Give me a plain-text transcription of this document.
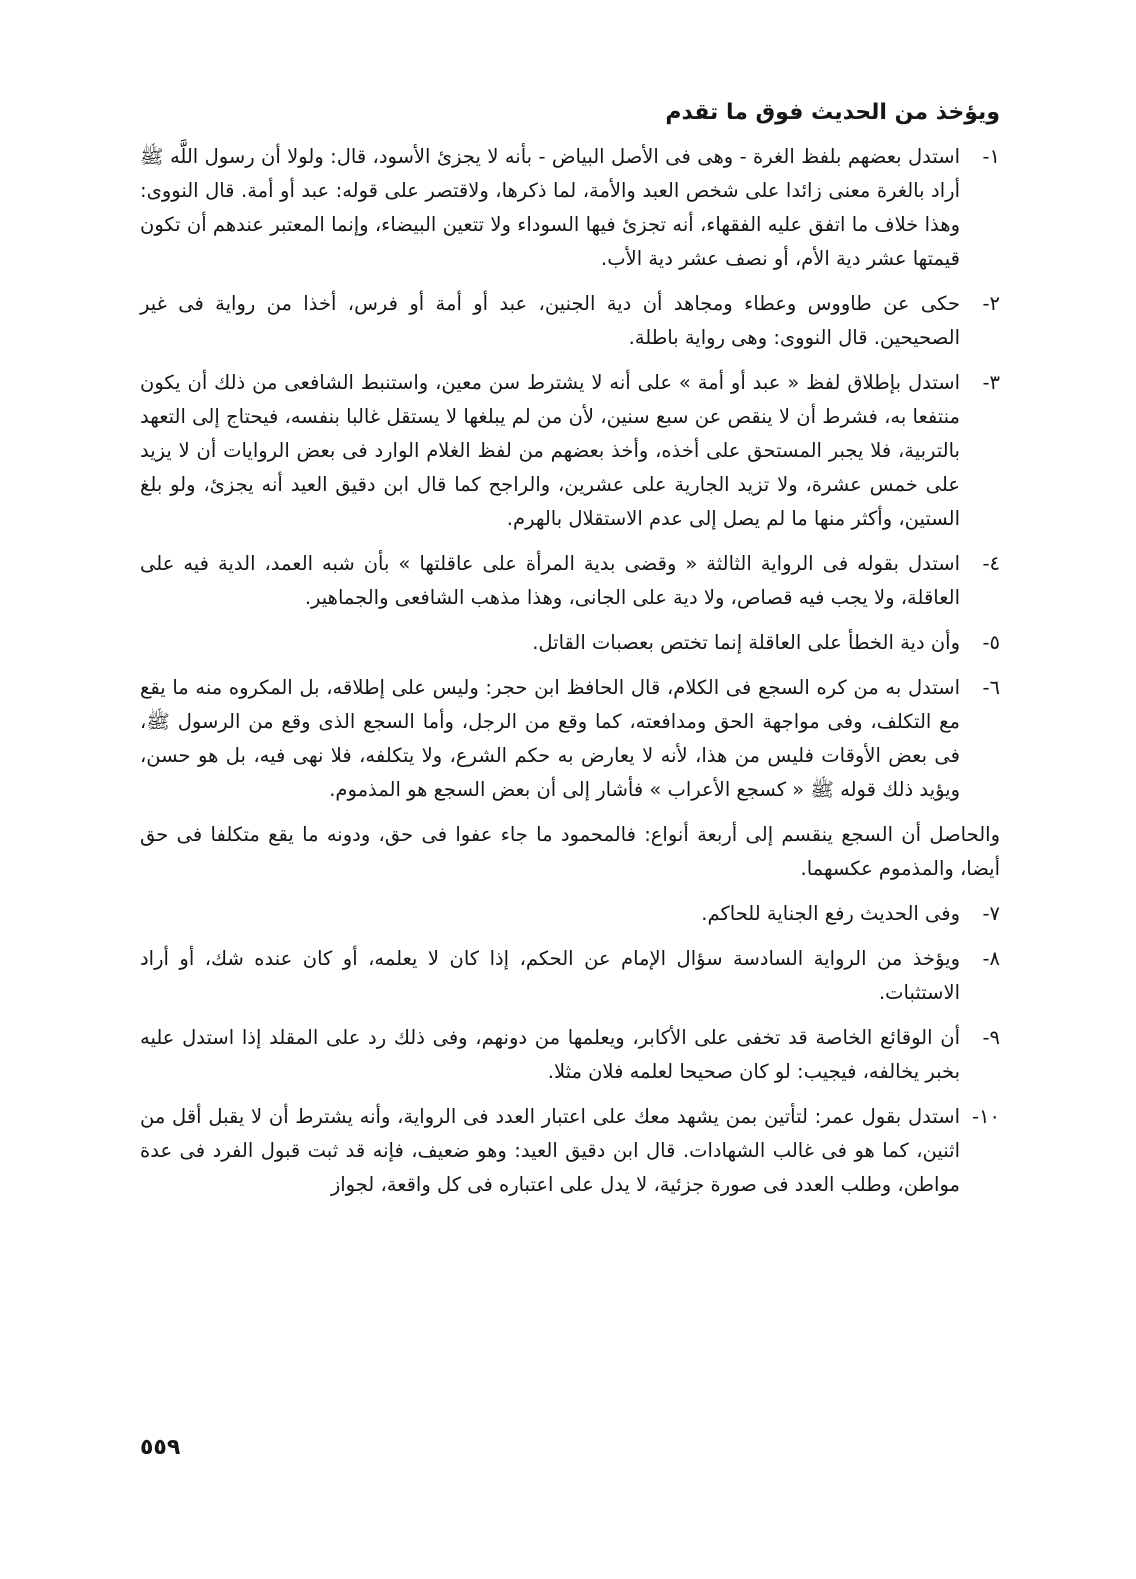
ويؤخذ من الحديث فوق ما تقدم
١-
استدل بعضهم بلفظ الغرة - وهى فى الأصل البياض - بأنه لا يجزئ الأسود، قال: ولولا أن رسول اللَّه ﷺ أراد بالغرة معنى زائدا على شخص العبد والأمة، لما ذكرها، ولاقتصر على قوله: عبد أو أمة. قال النووى: وهذا خلاف ما اتفق عليه الفقهاء، أنه تجزئ فيها السوداء ولا تتعين البيضاء، وإنما المعتبر عندهم أن تكون قيمتها عشر دية الأم، أو نصف عشر دية الأب.
٢-
حكى عن طاووس وعطاء ومجاهد أن دية الجنين، عبد أو أمة أو فرس، أخذا من رواية فى غير الصحيحين. قال النووى: وهى رواية باطلة.
٣-
استدل بإطلاق لفظ « عبد أو أمة » على أنه لا يشترط سن معين، واستنبط الشافعى من ذلك أن يكون منتفعا به، فشرط أن لا ينقص عن سبع سنين، لأن من لم يبلغها لا يستقل غالبا بنفسه، فيحتاج إلى التعهد بالتربية، فلا يجبر المستحق على أخذه، وأخذ بعضهم من لفظ الغلام الوارد فى بعض الروايات أن لا يزيد على خمس عشرة، ولا تزيد الجارية على عشرين، والراجح كما قال ابن دقيق العيد أنه يجزئ، ولو بلغ الستين، وأكثر منها ما لم يصل إلى عدم الاستقلال بالهرم.
٤-
استدل بقوله فى الرواية الثالثة « وقضى بدية المرأة على عاقلتها » بأن شبه العمد، الدية فيه على العاقلة، ولا يجب فيه قصاص، ولا دية على الجانى، وهذا مذهب الشافعى والجماهير.
٥-
وأن دية الخطأ على العاقلة إنما تختص بعصبات القاتل.
٦-
استدل به من كره السجع فى الكلام، قال الحافظ ابن حجر: وليس على إطلاقه، بل المكروه منه ما يقع مع التكلف، وفى مواجهة الحق ومدافعته، كما وقع من الرجل، وأما السجع الذى وقع من الرسول ﷺ، فى بعض الأوقات فليس من هذا، لأنه لا يعارض به حكم الشرع، ولا يتكلفه، فلا نهى فيه، بل هو حسن، ويؤيد ذلك قوله ﷺ « كسجع الأعراب » فأشار إلى أن بعض السجع هو المذموم.

والحاصل أن السجع ينقسم إلى أربعة أنواع: فالمحمود ما جاء عفوا فى حق، ودونه ما يقع متكلفا فى حق أيضا، والمذموم عكسهما.

٧-
وفى الحديث رفع الجناية للحاكم.
٨-
ويؤخذ من الرواية السادسة سؤال الإمام عن الحكم، إذا كان لا يعلمه، أو كان عنده شك، أو أراد الاستثبات.
٩-
أن الوقائع الخاصة قد تخفى على الأكابر، ويعلمها من دونهم، وفى ذلك رد على المقلد إذا استدل عليه بخبر يخالفه، فيجيب: لو كان صحيحا لعلمه فلان مثلا.
١٠-
استدل بقول عمر: لتأتين بمن يشهد معك على اعتبار العدد فى الرواية، وأنه يشترط أن لا يقبل أقل من اثنين، كما هو فى غالب الشهادات. قال ابن دقيق العيد: وهو ضعيف، فإنه قد ثبت قبول الفرد فى عدة مواطن، وطلب العدد فى صورة جزئية، لا يدل على اعتباره فى كل واقعة، لجواز
٥٥٩
